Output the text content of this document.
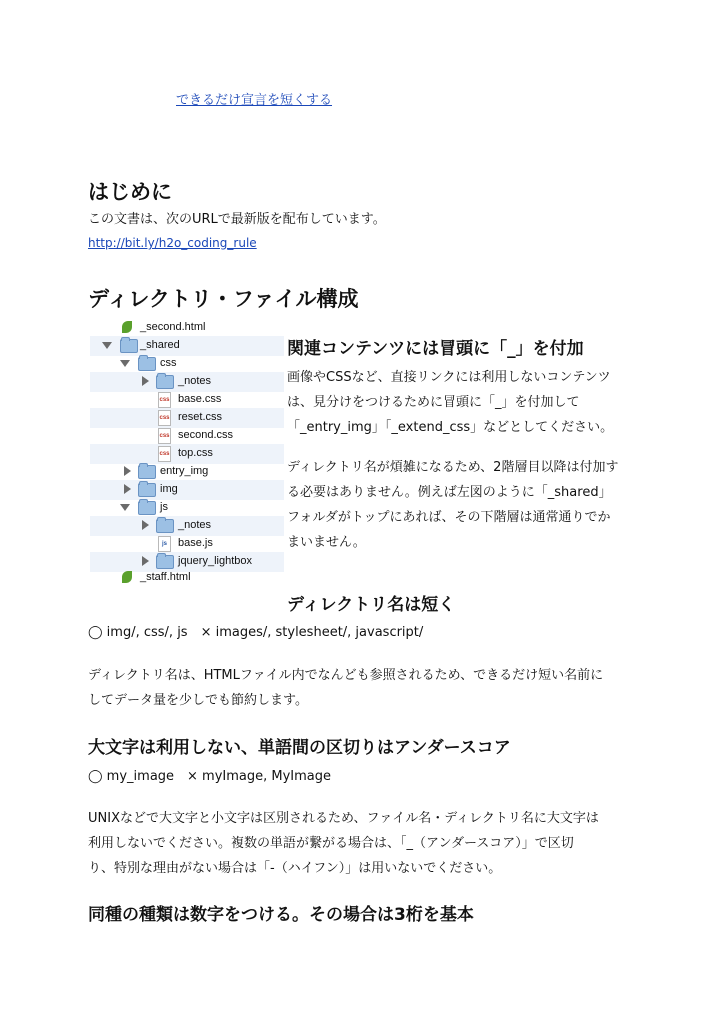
できるだけ宣言を短くする
はじめに
この文書は、次のURLで最新版を配布しています。
http://bit.ly/h2o_coding_rule
ディレクトリ・ファイル構成
_second.html
_shared
css
_notes
css base.css
css reset.css
css second.css
css top.css
entry_img
img
js
_notes
js	base.js
jquery_lightbox
_staff.html
関連コンテンツには冒頭に「_」を付加
画像やCSSなど、直接リンクには利用しないコンテンツ
は、見分けをつけるために冒頭に「_」を付加して
「_entry_img」「_extend_css」などとしてください。
ディレクトリ名が煩雑になるため、2階層目以降は付加す
る必要はありません。例えば左図のように「_shared」
フォルダがトップにあれば、その下階層は通常通りでか
まいません。
ディレクトリ名は短く
◯ img/, css/, js　× images/, stylesheet/, javascript/
ディレクトリ名は、HTMLファイル内でなんども参照されるため、できるだけ短い名前に
してデータ量を少しでも節約します。
大文字は利用しない、単語間の区切りはアンダースコア
◯ my_image　× myImage, MyImage
UNIXなどで大文字と小文字は区別されるため、ファイル名・ディレクトリ名に大文字は
利用しないでください。複数の単語が繋がる場合は、「_（アンダースコア）」で区切
り、特別な理由がない場合は「-（ハイフン）」は用いないでください。
同種の種類は数字をつける。その場合は3桁を基本
